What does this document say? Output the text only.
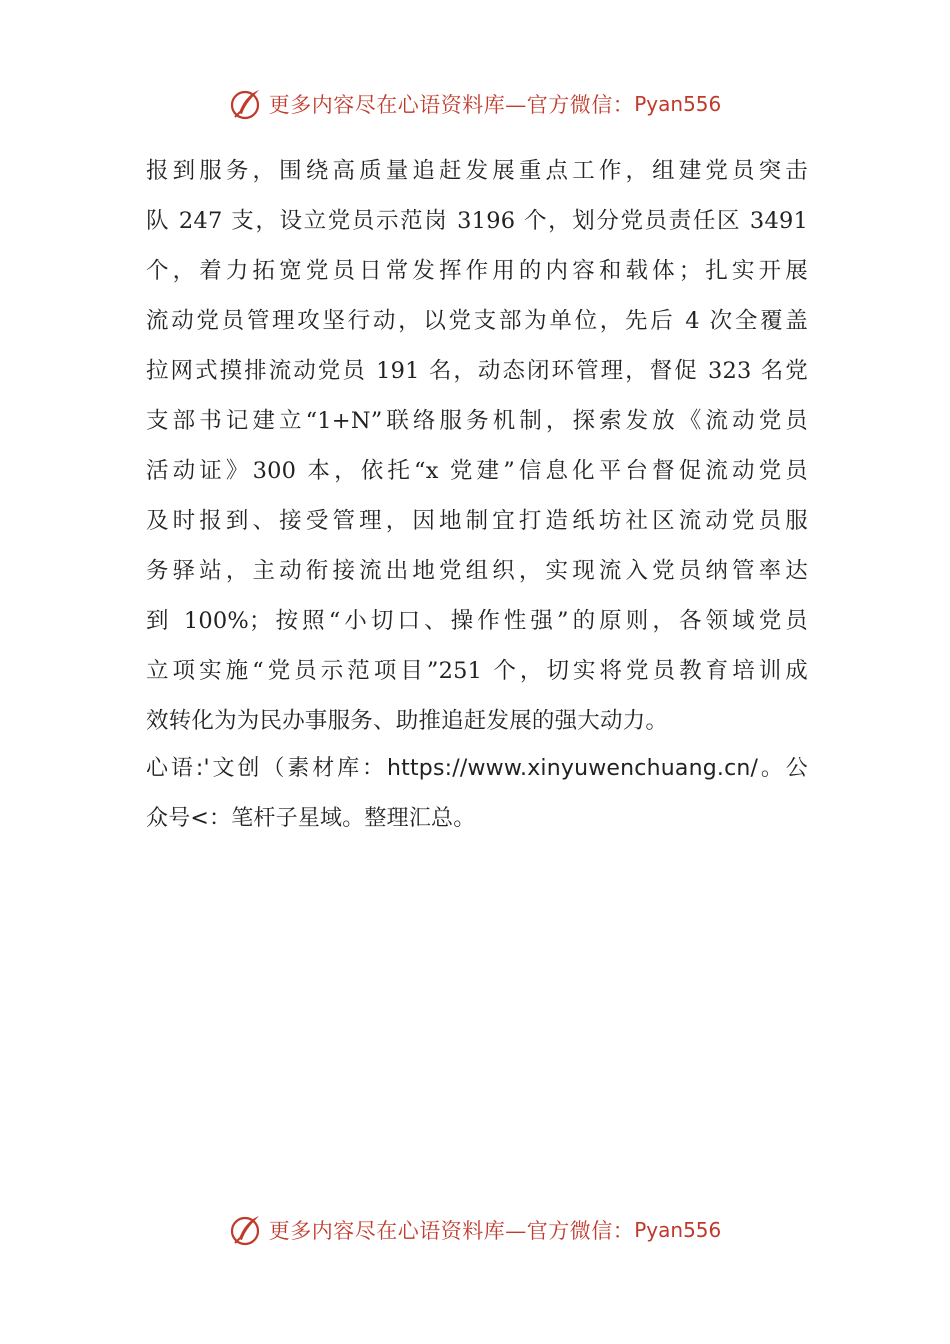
更多内容尽在心语资料库—官方微信： Pyan556
报到服务，围绕高质量追赶发展重点工作，组建党员突击
队 247 支，设立党员示范岗 3196 个，划分党员责任区 3491
个，着力拓宽党员日常发挥作用的内容和载体；扎实开展
流动党员管理攻坚行动，以党支部为单位，先后 4 次全覆盖
拉网式摸排流动党员 191 名，动态闭环管理，督促 323 名党
支部书记建立“1+N”联络服务机制，探索发放《流动党员
活动证》300 本，依托“x 党建”信息化平台督促流动党员
及时报到、接受管理，因地制宜打造纸坊社区流动党员服
务驿站，主动衔接流出地党组织，实现流入党员纳管率达
到 100%；按照“小切口、操作性强”的原则，各领域党员
立项实施“党员示范项目”251 个，切实将党员教育培训成
效转化为为民办事服务、助推追赶发展的强大动力。
心语:'文创（素材库：https://www.xinyuwenchuang.cn/。公
众号<：笔杆子星域。整理汇总。
更多内容尽在心语资料库—官方微信： Pyan556
